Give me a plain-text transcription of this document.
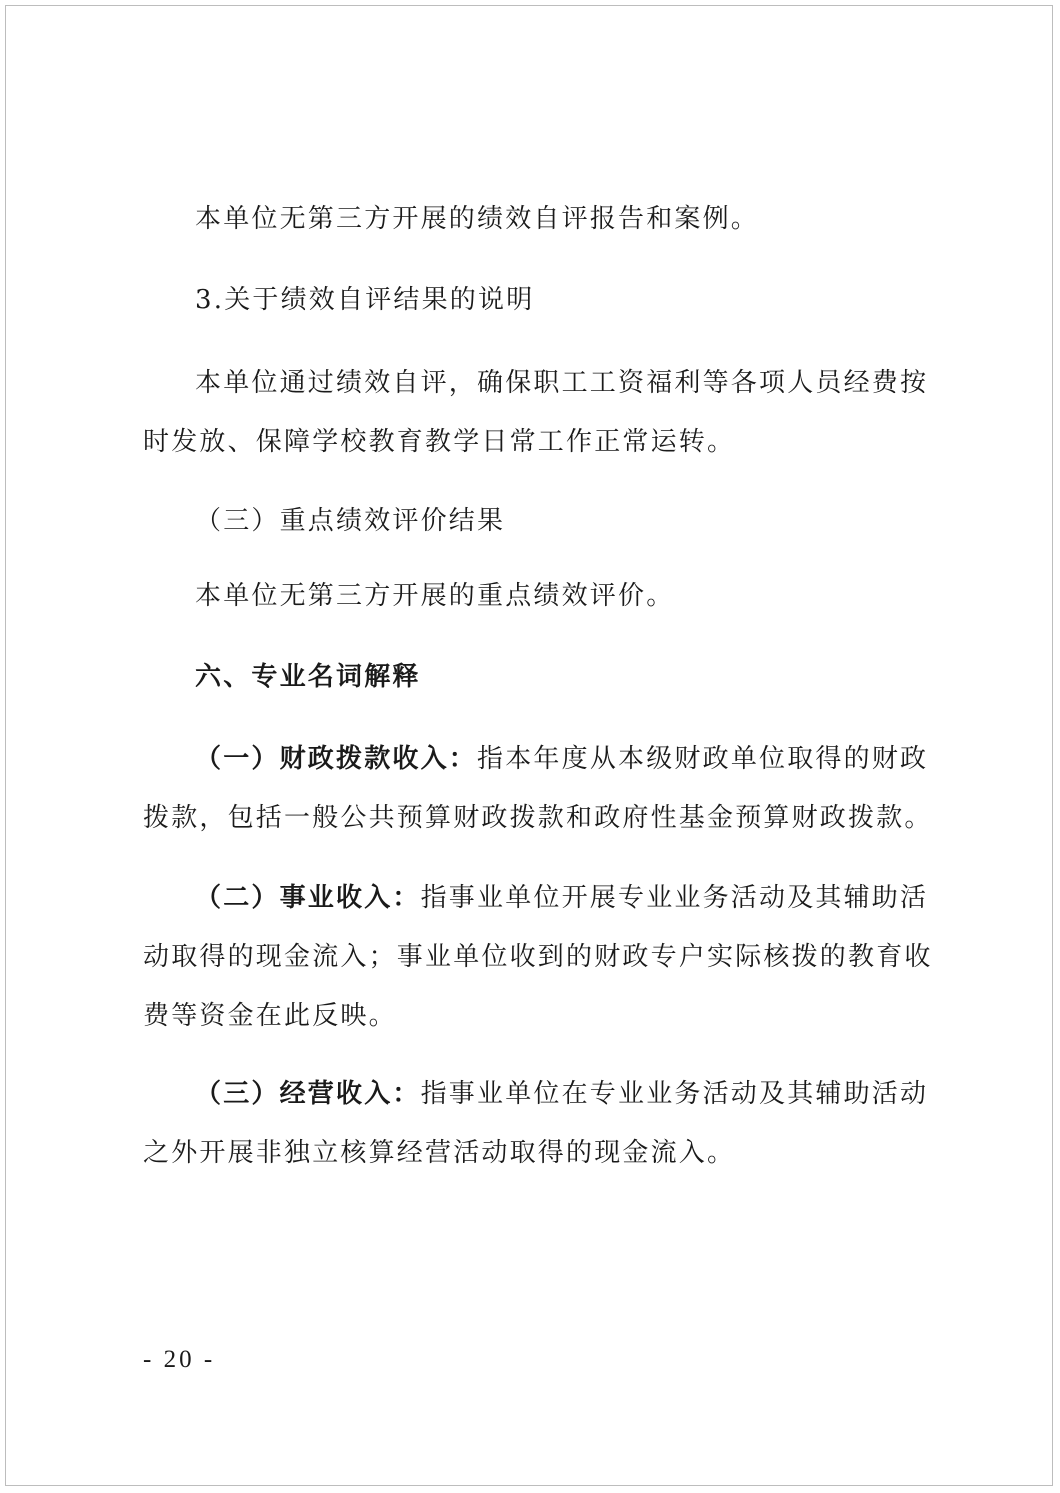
本单位无第三方开展的绩效自评报告和案例。

3.关于绩效自评结果的说明

本单位通过绩效自评，确保职工工资福利等各项人员经费按时发放、保障学校教育教学日常工作正常运转。

（三）重点绩效评价结果

本单位无第三方开展的重点绩效评价。

六、专业名词解释

（一）财政拨款收入：指本年度从本级财政单位取得的财政拨款，包括一般公共预算财政拨款和政府性基金预算财政拨款。

（二）事业收入：指事业单位开展专业业务活动及其辅助活动取得的现金流入；事业单位收到的财政专户实际核拨的教育收费等资金在此反映。

（三）经营收入：指事业单位在专业业务活动及其辅助活动之外开展非独立核算经营活动取得的现金流入。

- 20 -
